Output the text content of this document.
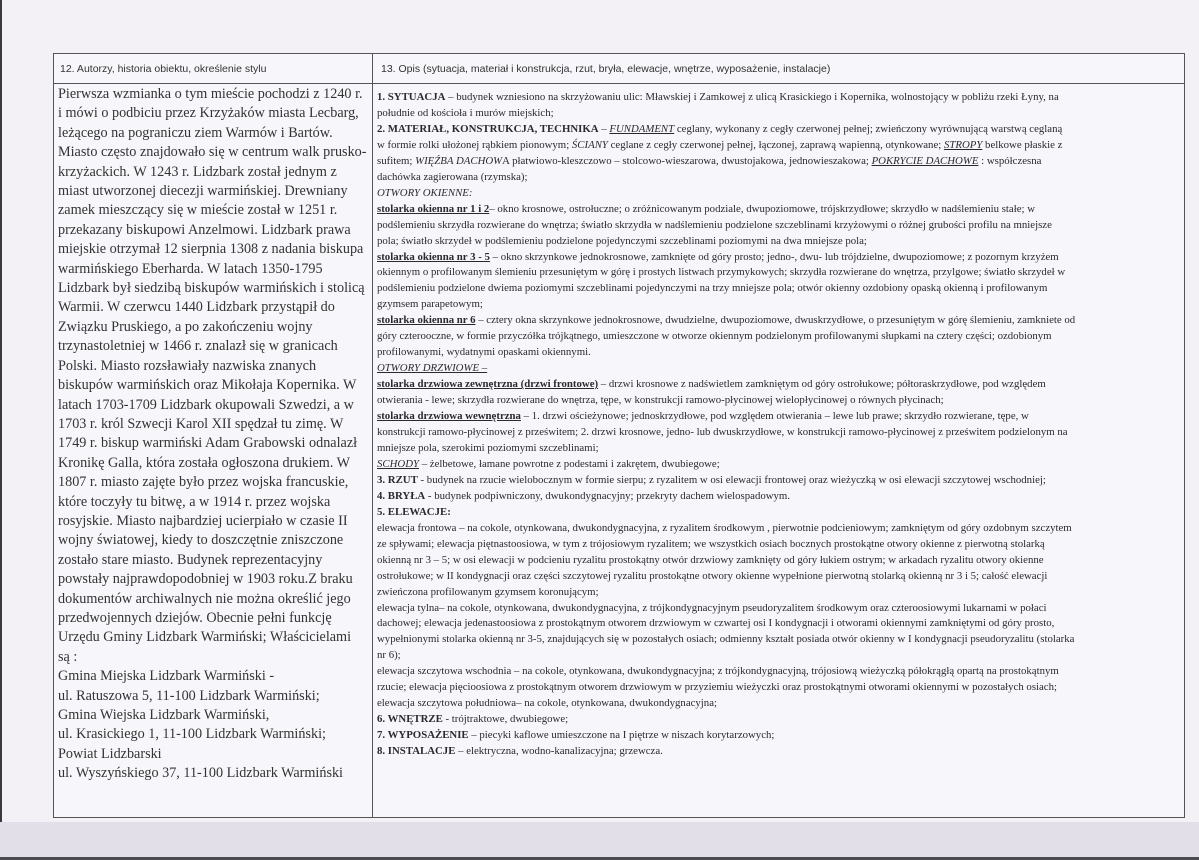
12. Autorzy, historia obiektu, określenie stylu	13. Opis (sytuacja, materiał i konstrukcja, rzut, bryła, elewacje, wnętrze, wyposażenie, instalacje)
Pierwsza wzmianka o tym mieście pochodzi z 1240 r.
i mówi o podbiciu przez Krzyżaków miasta Lecbarg,
leżącego na pograniczu ziem Warmów i Bartów.
Miasto często znajdowało się w centrum walk prusko-
krzyżackich. W 1243 r. Lidzbark został jednym z
miast utworzonej diecezji warmińskiej. Drewniany
zamek mieszczący się w mieście został w 1251 r.
przekazany biskupowi Anzelmowi. Lidzbark prawa
miejskie otrzymał 12 sierpnia 1308 z nadania biskupa
warmińskiego Eberharda. W latach 1350-1795
Lidzbark był siedzibą biskupów warmińskich i stolicą
Warmii. W czerwcu 1440 Lidzbark przystąpił do
Związku Pruskiego, a po zakończeniu wojny
trzynastoletniej w 1466 r. znalazł się w granicach
Polski. Miasto rozsławiały nazwiska znanych
biskupów warmińskich oraz Mikołaja Kopernika. W
latach 1703-1709 Lidzbark okupowali Szwedzi, a w
1703 r. król Szwecji Karol XII spędzał tu zimę. W
1749 r. biskup warmiński Adam Grabowski odnalazł
Kronikę Galla, która została ogłoszona drukiem. W
1807 r. miasto zajęte było przez wojska francuskie,
które toczyły tu bitwę, a w 1914 r. przez wojska
rosyjskie. Miasto najbardziej ucierpiało w czasie II
wojny światowej, kiedy to doszczętnie zniszczone
zostało stare miasto. Budynek reprezentacyjny
powstały najprawdopodobniej w 1903 roku.Z braku
dokumentów archiwalnych nie można określić jego
przedwojennych dziejów. Obecnie pełni funkcję
Urzędu Gminy Lidzbark Warmiński; Właścicielami
są :
Gmina Miejska Lidzbark Warmiński -
ul. Ratuszowa 5, 11-100 Lidzbark Warmiński;
Gmina Wiejska Lidzbark Warmiński,
ul. Krasickiego 1, 11-100 Lidzbark Warmiński;
Powiat Lidzbarski
ul. Wyszyńskiego 37, 11-100 Lidzbark Warmiński
1. SYTUACJA – budynek wzniesiono na skrzyżowaniu ulic: Mławskiej i Zamkowej z ulicą Krasickiego i Kopernika, wolnostojący w pobliżu rzeki Łyny, na
południe od kościoła i murów miejskich;
2. MATERIAŁ, KONSTRUKCJA, TECHNIKA – FUNDAMENT ceglany, wykonany z cegły czerwonej pełnej; zwieńczony wyrównującą warstwą ceglaną
w formie rolki ułożonej rąbkiem pionowym; ŚCIANY ceglane z cegły czerwonej pełnej, łączonej, zaprawą wapienną, otynkowane; STROPY belkowe płaskie z
sufitem; WIĘŹBA DACHOWA płatwiowo-kleszczowo – stolcowo-wieszarowa, dwustojakowa, jednowieszakowa; POKRYCIE DACHOWE : współczesna
dachówka zagierowana (rzymska);
OTWORY OKIENNE:
stolarka okienna nr 1 i 2– okno krosnowe, ostrołuczne; o zróżnicowanym podziale, dwupoziomowe, trójskrzydłowe; skrzydło w nadślemieniu stałe; w
podślemieniu skrzydła rozwierane do wnętrza; światło skrzydła w nadślemieniu podzielone szczeblinami krzyżowymi o różnej grubości profilu na mniejsze
pola; światło skrzydeł w podślemieniu podzielone pojedynczymi szczeblinami poziomymi na dwa mniejsze pola;
stolarka okienna nr 3 - 5 – okno skrzynkowe jednokrosnowe, zamknięte od góry prosto; jedno-, dwu- lub trójdzielne, dwupoziomowe; z pozornym krzyżem
okiennym o profilowanym ślemieniu przesuniętym w górę i prostych listwach przymykowych; skrzydła rozwierane do wnętrza, przylgowe; światło skrzydeł w
podślemieniu podzielone dwiema poziomymi szczeblinami pojedynczymi na trzy mniejsze pola; otwór okienny ozdobiony opaską okienną i profilowanym
gzymsem parapetowym;
stolarka okienna nr 6 – cztery okna skrzynkowe jednokrosnowe, dwudzielne, dwupoziomowe, dwuskrzydłowe, o przesuniętym w górę ślemieniu, zamkniete od
góry czterooczne, w formie przyczółka trójkątnego, umieszczone w otworze okiennym podzielonym profilowanymi słupkami na cztery części; ozdobionym
profilowanymi, wydatnymi opaskami okiennymi.
OTWORY DRZWIOWE –
stolarka drzwiowa zewnętrzna (drzwi frontowe) – drzwi krosnowe z nadświetlem zamkniętym od góry ostrołukowe; półtoraskrzydłowe, pod względem
otwierania - lewe; skrzydła rozwierane do wnętrza, tępe, w konstrukcji ramowo-płycinowej wielopłycinowej o równych płycinach;
stolarka drzwiowa wewnętrzna – 1. drzwi ościeżynowe; jednoskrzydłowe, pod względem otwierania – lewe lub prawe; skrzydło rozwierane, tępe, w
konstrukcji ramowo-płycinowej z prześwitem; 2. drzwi krosnowe, jedno- lub dwuskrzydłowe, w konstrukcji ramowo-płycinowej z prześwitem podzielonym na
mniejsze pola, szerokimi poziomymi szczeblinami;
SCHODY – żelbetowe, łamane powrotne z podestami i zakrętem, dwubiegowe;
3. RZUT - budynek na rzucie wielobocznym w formie sierpu; z ryzalitem w osi elewacji frontowej oraz wieżyczką w osi elewacji szczytowej wschodniej;
4. BRYŁA - budynek podpiwniczony, dwukondygnacyjny; przekryty dachem wielospadowym.
5. ELEWACJE:
elewacja frontowa – na cokole, otynkowana, dwukondygnacyjna, z ryzalitem środkowym , pierwotnie podcieniowym; zamkniętym od góry ozdobnym szczytem
ze spływami; elewacja piętnastoosiowa, w tym z trójosiowym ryzalitem; we wszystkich osiach bocznych prostokątne otwory okienne z pierwotną stolarką
okienną nr 3 – 5; w osi elewacji w podcieniu ryzalitu prostokątny otwór drzwiowy zamknięty od góry łukiem ostrym; w arkadach ryzalitu otwory okienne
ostrołukowe; w II kondygnacji oraz części szczytowej ryzalitu prostokątne otwory okienne wypełnione pierwotną stolarką okienną nr 3 i 5; całość elewacji
zwieńczona profilowanym gzymsem koronującym;
elewacja tylna– na cokole, otynkowana, dwukondygnacyjna, z trójkondygnacyjnym pseudoryzalitem środkowym oraz czteroosiowymi lukarnami w połaci
dachowej; elewacja jedenastoosiowa z prostokątnym otworem drzwiowym w czwartej osi I kondygnacji i otworami okiennymi zamkniętymi od góry prosto,
wypełnionymi stolarka okienną nr 3-5, znajdujących się w pozostałych osiach; odmienny kształt posiada otwór okienny w I kondygnacji pseudoryzalitu (stolarka
nr 6);
elewacja szczytowa wschodnia – na cokole, otynkowana, dwukondygnacyjna; z trójkondygnacyjną, trójosiową wieżyczką półokrągłą opartą na prostokątnym
rzucie; elewacja pięcioosiowa z prostokątnym otworem drzwiowym w przyziemiu wieżyczki oraz prostokątnymi otworami okiennymi w pozostałych osiach;
elewacja szczytowa południowa– na cokole, otynkowana, dwukondygnacyjna;
6. WNĘTRZE - trójtraktowe, dwubiegowe;
7. WYPOSAŻENIE – piecyki kaflowe umieszczone na I piętrze w niszach korytarzowych;
8. INSTALACJE – elektryczna, wodno-kanalizacyjna; grzewcza.
